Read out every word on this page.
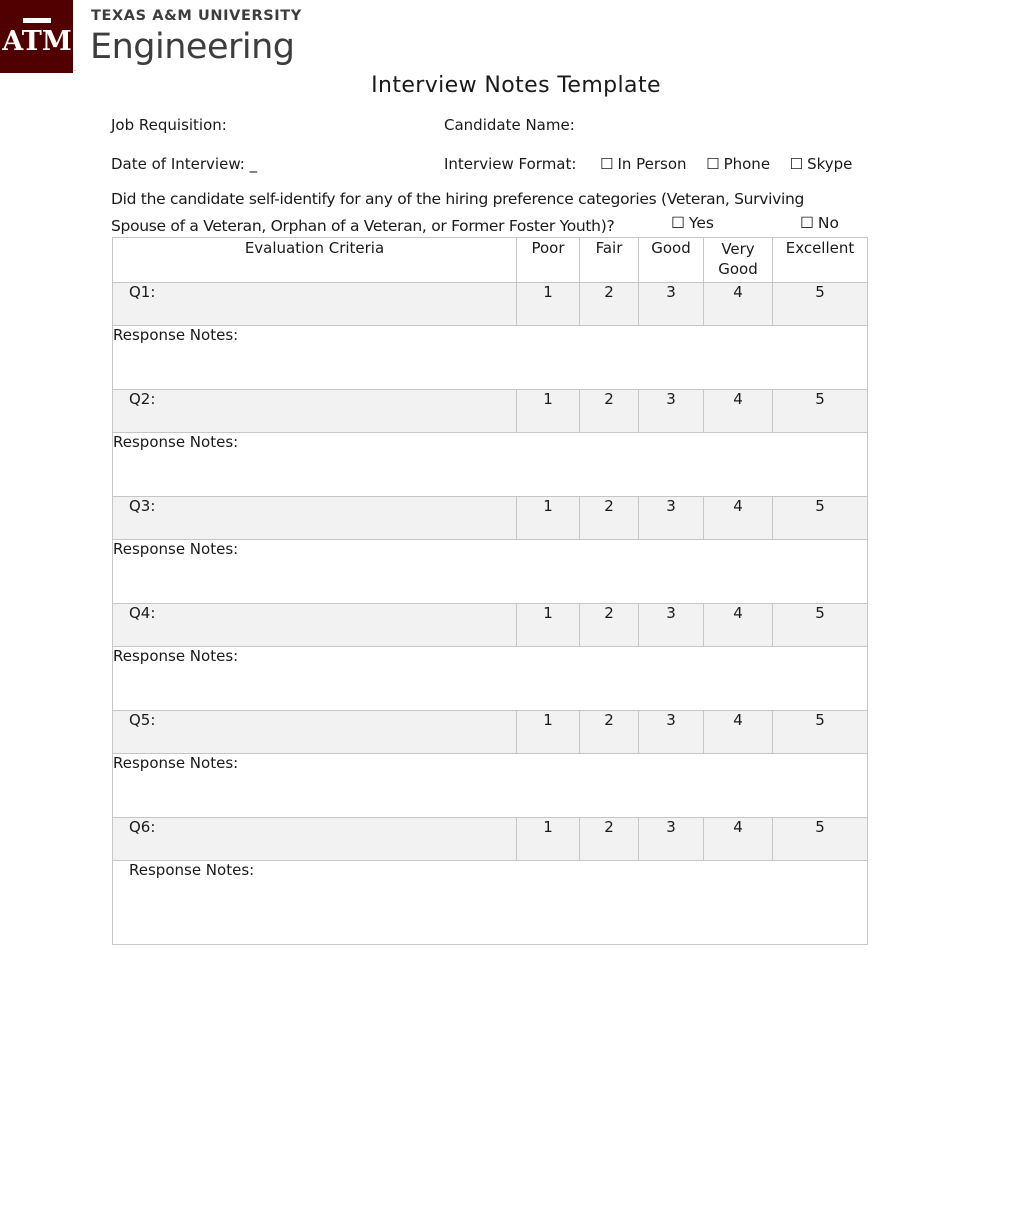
ATM
.
TEXAS A&M UNIVERSITY
Engineering
Interview Notes Template
Job Requisition:	Candidate Name:
Date of Interview: _	Interview Format: ☐ In Person ☐ Phone ☐ Skype
Did the candidate self-identify for any of the hiring preference categories (Veteran, Surviving Spouse of a Veteran, Orphan of a Veteran, or Former Foster Youth)?	☐ Yes	☐ No
Evaluation Criteria	Poor	Fair	Good	Very Good	Excellent
Q1:	1	2	3	4	5
Response Notes:					
Q2:	1	2	3	4	5
Response Notes:					
Q3:	1	2	3	4	5
Response Notes:					
Q4:	1	2	3	4	5
Response Notes:					
Q5:	1	2	3	4	5
Response Notes:					
Q6:	1	2	3	4	5
Response Notes:					
